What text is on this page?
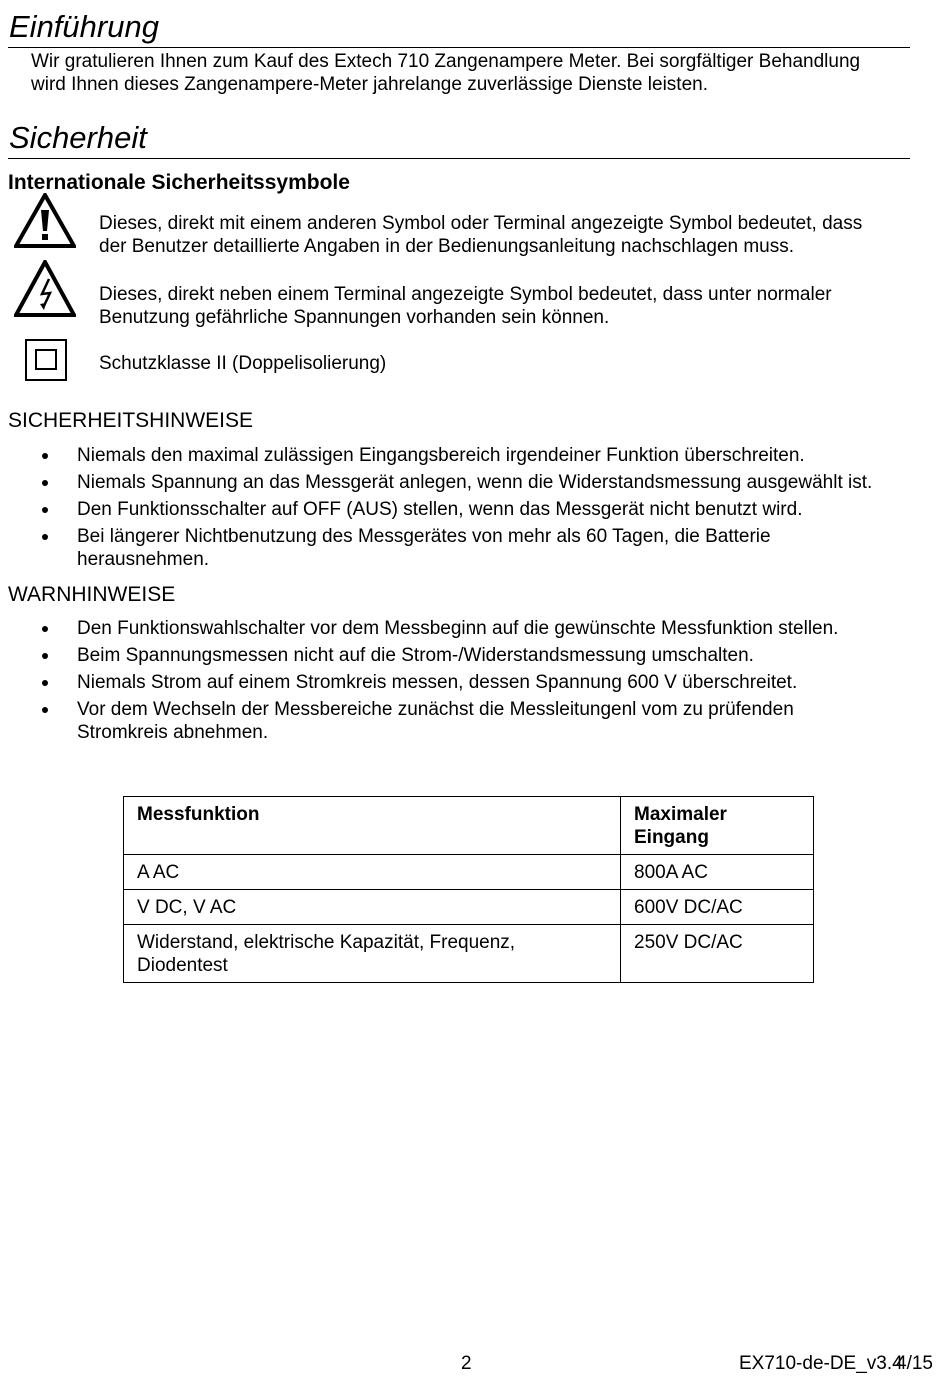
Einführung

Wir gratulieren Ihnen zum Kauf des Extech 710 Zangenampere Meter. Bei sorgfältiger Behandlung

wird Ihnen dieses Zangenampere-Meter jahrelange zuverlässige Dienste leisten.

Sicherheit

Internationale Sicherheitssymbole

Dieses, direkt mit einem anderen Symbol oder Terminal angezeigte Symbol bedeutet, dass

der Benutzer detaillierte Angaben in der Bedienungsanleitung nachschlagen muss.

Dieses, direkt neben einem Terminal angezeigte Symbol bedeutet, dass unter normaler

Benutzung gefährliche Spannungen vorhanden sein können.

Schutzklasse II (Doppelisolierung)

SICHERHEITSHINWEISE

Niemals den maximal zulässigen Eingangsbereich irgendeiner Funktion überschreiten.
Niemals Spannung an das Messgerät anlegen, wenn die Widerstandsmessung ausgewählt ist.
Den Funktionsschalter auf OFF (AUS) stellen, wenn das Messgerät nicht benutzt wird.
Bei längerer Nichtbenutzung des Messgerätes von mehr als 60 Tagen, die Batterie herausnehmen.

WARNHINWEISE

Den Funktionswahlschalter vor dem Messbeginn auf die gewünschte Messfunktion stellen.
Beim Spannungsmessen nicht auf die Strom-/Widerstandsmessung umschalten.
Niemals Strom auf einem Stromkreis messen, dessen Spannung 600 V überschreitet.
Vor dem Wechseln der Messbereiche zunächst die Messleitungenl vom zu prüfenden Stromkreis abnehmen.
Messfunktion	Maximaler Eingang
A AC	800A AC
V DC, V AC	600V DC/AC
Widerstand, elektrische Kapazität, Frequenz, Diodentest	250V DC/AC
2	EX710-de-DE_v3.4
4/15
